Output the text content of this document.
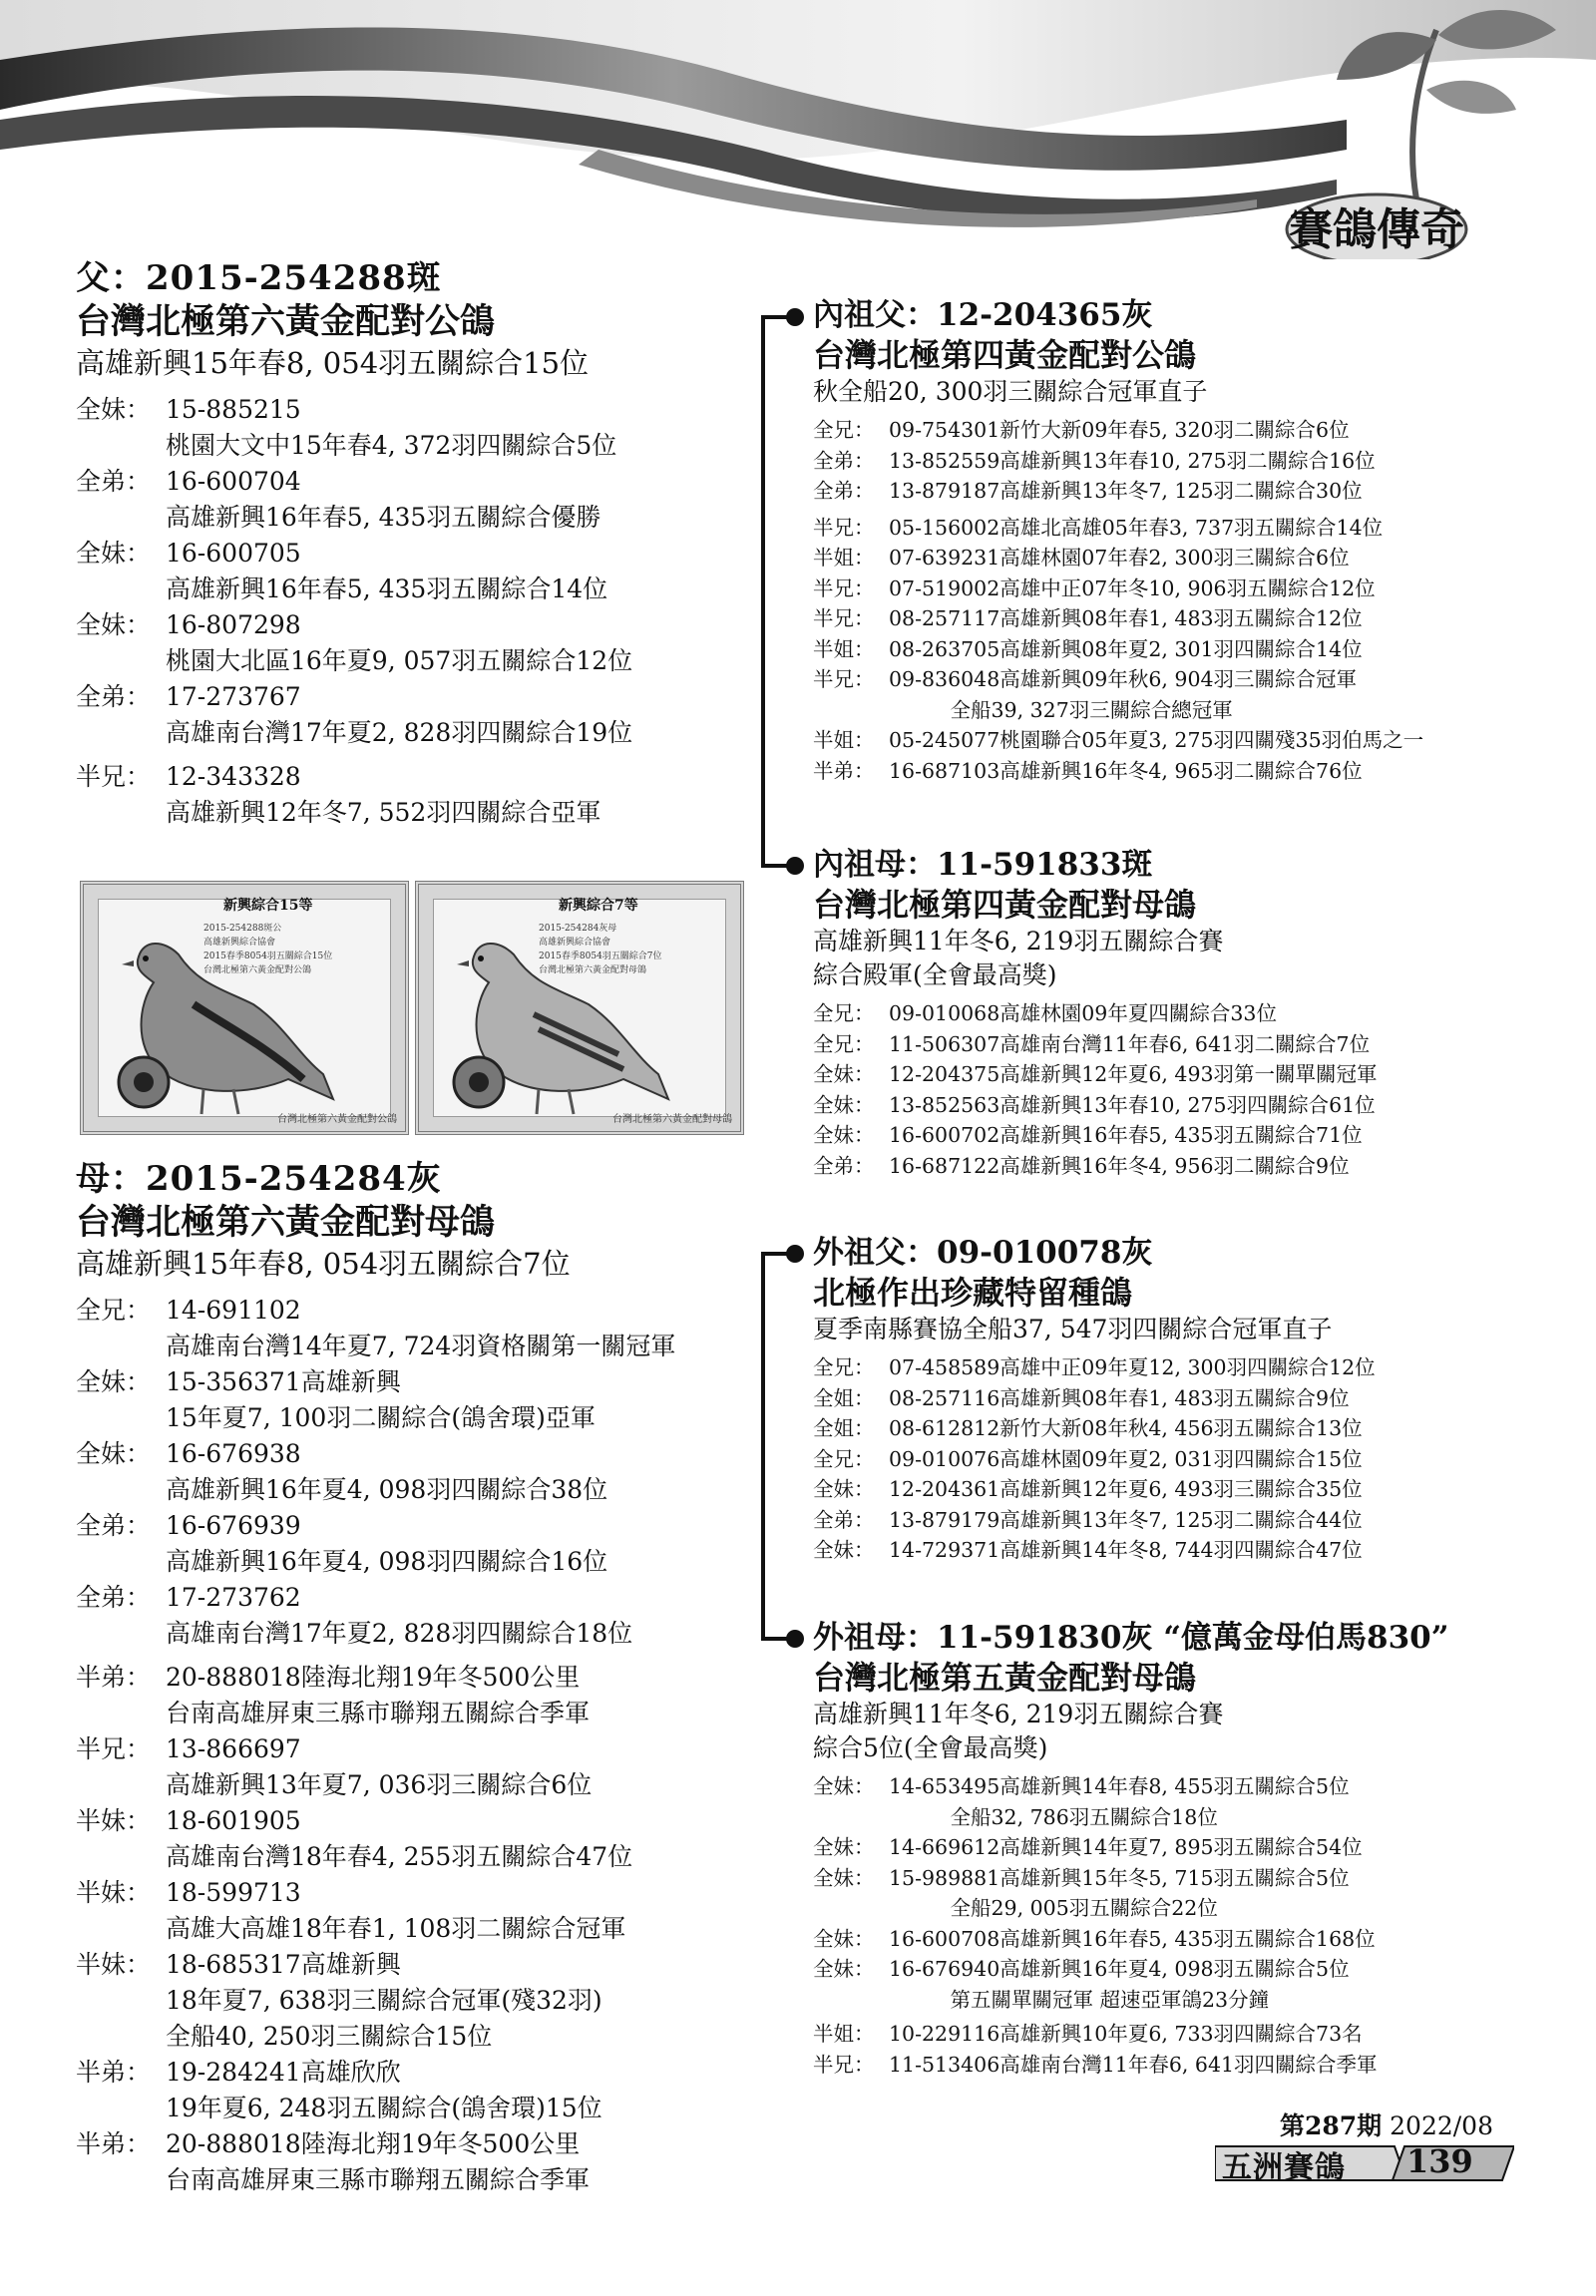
賽鴿傳奇
父：2015-254288斑
台灣北極第六黃金配對公鴿
高雄新興15年春8, 054羽五關綜合15位
全妹： 15-885215
桃園大文中15年春4, 372羽四關綜合5位
全弟： 16-600704
高雄新興16年春5, 435羽五關綜合優勝
全妹： 16-600705
高雄新興16年春5, 435羽五關綜合14位
全妹： 16-807298
桃園大北區16年夏9, 057羽五關綜合12位
全弟： 17-273767
高雄南台灣17年夏2, 828羽四關綜合19位
半兄： 12-343328
高雄新興12年冬7, 552羽四關綜合亞軍
新興綜合15等
2015-254288斑公
高雄新興綜合協會
2015春季8054羽五關綜合15位
台灣北極第六黃金配對公鴿
台灣北極第六黃金配對公鴿
新興綜合7等
2015-254284灰母
高雄新興綜合協會
2015春季8054羽五關綜合7位
台灣北極第六黃金配對母鴿
台灣北極第六黃金配對母鴿
母：2015-254284灰
台灣北極第六黃金配對母鴿
高雄新興15年春8, 054羽五關綜合7位
全兄： 14-691102
高雄南台灣14年夏7, 724羽資格關第一關冠軍
全妹： 15-356371高雄新興
15年夏7, 100羽二關綜合(鴿舍環)亞軍
全妹： 16-676938
高雄新興16年夏4, 098羽四關綜合38位
全弟： 16-676939
高雄新興16年夏4, 098羽四關綜合16位
全弟： 17-273762
高雄南台灣17年夏2, 828羽四關綜合18位
半弟： 20-888018陸海北翔19年冬500公里
台南高雄屏東三縣市聯翔五關綜合季軍
半兄： 13-866697
高雄新興13年夏7, 036羽三關綜合6位
半妹： 18-601905
高雄南台灣18年春4, 255羽五關綜合47位
半妹： 18-599713
高雄大高雄18年春1, 108羽二關綜合冠軍
半妹： 18-685317高雄新興
18年夏7, 638羽三關綜合冠軍(殘32羽)
全船40, 250羽三關綜合15位
半弟： 19-284241高雄欣欣
19年夏6, 248羽五關綜合(鴿舍環)15位
半弟： 20-888018陸海北翔19年冬500公里
台南高雄屏東三縣市聯翔五關綜合季軍
內祖父：12-204365灰
台灣北極第四黃金配對公鴿
秋全船20, 300羽三關綜合冠軍直子
全兄： 09-754301新竹大新09年春5, 320羽二關綜合6位
全弟： 13-852559高雄新興13年春10, 275羽二關綜合16位
全弟： 13-879187高雄新興13年冬7, 125羽二關綜合30位
半兄： 05-156002高雄北高雄05年春3, 737羽五關綜合14位
半姐： 07-639231高雄林園07年春2, 300羽三關綜合6位
半兄： 07-519002高雄中正07年冬10, 906羽五關綜合12位
半兄： 08-257117高雄新興08年春1, 483羽五關綜合12位
半姐： 08-263705高雄新興08年夏2, 301羽四關綜合14位
半兄： 09-836048高雄新興09年秋6, 904羽三關綜合冠軍
　　　全船39, 327羽三關綜合總冠軍
半姐： 05-245077桃園聯合05年夏3, 275羽四關殘35羽伯馬之一
半弟： 16-687103高雄新興16年冬4, 965羽二關綜合76位
內祖母：11-591833斑
台灣北極第四黃金配對母鴿
高雄新興11年冬6, 219羽五關綜合賽
綜合殿軍(全會最高獎)
全兄： 09-010068高雄林園09年夏四關綜合33位
全兄： 11-506307高雄南台灣11年春6, 641羽二關綜合7位
全妹： 12-204375高雄新興12年夏6, 493羽第一關單關冠軍
全妹： 13-852563高雄新興13年春10, 275羽四關綜合61位
全妹： 16-600702高雄新興16年春5, 435羽五關綜合71位
全弟： 16-687122高雄新興16年冬4, 956羽二關綜合9位
外祖父：09-010078灰
北極作出珍藏特留種鴿
夏季南縣賽協全船37, 547羽四關綜合冠軍直子
全兄： 07-458589高雄中正09年夏12, 300羽四關綜合12位
全姐： 08-257116高雄新興08年春1, 483羽五關綜合9位
全姐： 08-612812新竹大新08年秋4, 456羽五關綜合13位
全兄： 09-010076高雄林園09年夏2, 031羽四關綜合15位
全妹： 12-204361高雄新興12年夏6, 493羽三關綜合35位
全弟： 13-879179高雄新興13年冬7, 125羽二關綜合44位
全妹： 14-729371高雄新興14年冬8, 744羽四關綜合47位
外祖母：11-591830灰 “億萬金母伯馬830”
台灣北極第五黃金配對母鴿
高雄新興11年冬6, 219羽五關綜合賽
綜合5位(全會最高獎)
全妹： 14-653495高雄新興14年春8, 455羽五關綜合5位
　　　全船32, 786羽五關綜合18位
全妹： 14-669612高雄新興14年夏7, 895羽五關綜合54位
全妹： 15-989881高雄新興15年冬5, 715羽五關綜合5位
　　　全船29, 005羽五關綜合22位
全妹： 16-600708高雄新興16年春5, 435羽五關綜合168位
全妹： 16-676940高雄新興16年夏4, 098羽五關綜合5位
　　　第五關單關冠軍 超速亞軍鴿23分鐘
半姐： 10-229116高雄新興10年夏6, 733羽四關綜合73名
半兄： 11-513406高雄南台灣11年春6, 641羽四關綜合季軍
第287期 2022/08
五洲賽鴿 139
